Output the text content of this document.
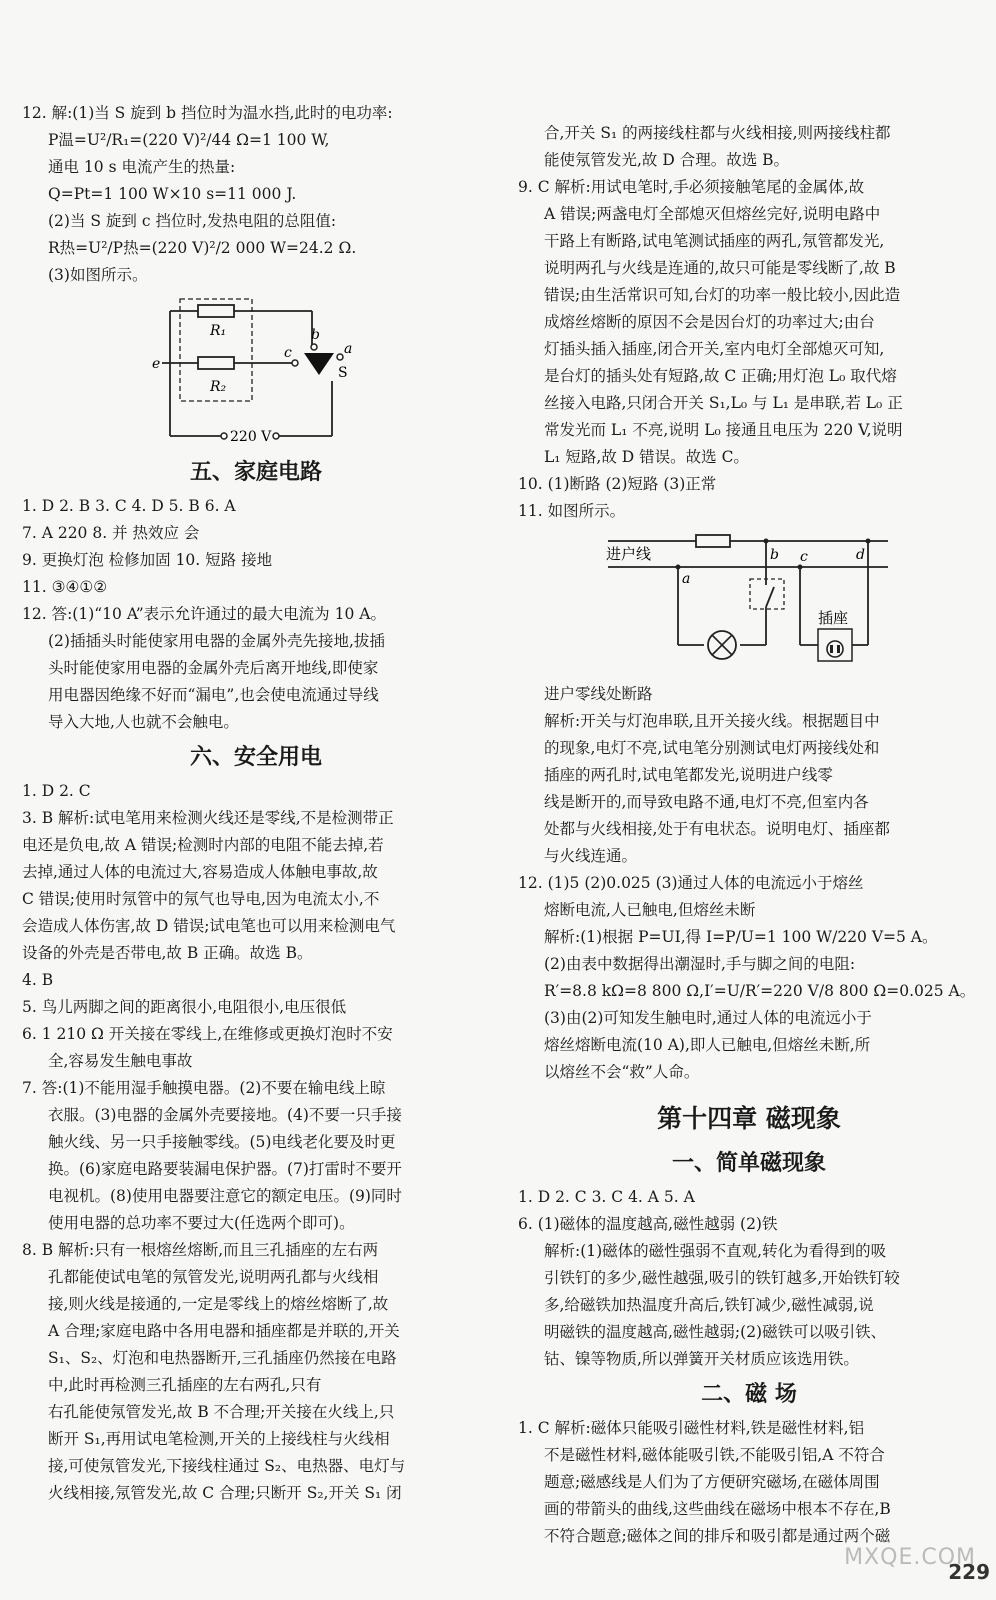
12. 解:(1)当 S 旋到 b 挡位时为温水挡,此时的电功率:
P温=U²/R₁=(220 V)²/44 Ω=1 100 W,
通电 10 s 电流产生的热量:
Q=Pt=1 100 W×10 s=11 000 J.
(2)当 S 旋到 c 挡位时,发热电阻的总阻值:
R热=U²/P热=(220 V)²/2 000 W=24.2 Ω.
(3)如图所示。
R₁
R₂
c
b
a
e
S
220 V
五、家庭电路
1. D 2. B 3. C 4. D 5. B 6. A
7. A 220 8. 并 热效应 会
9. 更换灯泡 检修加固 10. 短路 接地
11. ③④①②
12. 答:(1)“10 A”表示允许通过的最大电流为 10 A。
(2)插插头时能使家用电器的金属外壳先接地,拔插
头时能使家用电器的金属外壳后离开地线,即使家
用电器因绝缘不好而“漏电”,也会使电流通过导线
导入大地,人也就不会触电。
六、安全用电
1. D 2. C
3. B 解析:试电笔用来检测火线还是零线,不是检测带正
电还是负电,故 A 错误;检测时内部的电阻不能去掉,若
去掉,通过人体的电流过大,容易造成人体触电事故,故
C 错误;使用时氖管中的氖气也导电,因为电流太小,不
会造成人体伤害,故 D 错误;试电笔也可以用来检测电气
设备的外壳是否带电,故 B 正确。故选 B。
4. B
5. 鸟儿两脚之间的距离很小,电阻很小,电压很低
6. 1 210 Ω 开关接在零线上,在维修或更换灯泡时不安
全,容易发生触电事故
7. 答:(1)不能用湿手触摸电器。(2)不要在输电线上晾
衣服。(3)电器的金属外壳要接地。(4)不要一只手接
触火线、另一只手接触零线。(5)电线老化要及时更
换。(6)家庭电路要装漏电保护器。(7)打雷时不要开
电视机。(8)使用电器要注意它的额定电压。(9)同时
使用电器的总功率不要过大(任选两个即可)。
8. B 解析:只有一根熔丝熔断,而且三孔插座的左右两
孔都能使试电笔的氖管发光,说明两孔都与火线相
接,则火线是接通的,一定是零线上的熔丝熔断了,故
A 合理;家庭电路中各用电器和插座都是并联的,开关
S₁、S₂、灯泡和电热器断开,三孔插座仍然接在电路
中,此时再检测三孔插座的左右两孔,只有
右孔能使氖管发光,故 B 不合理;开关接在火线上,只
断开 S₁,再用试电笔检测,开关的上接线柱与火线相
接,可使氖管发光,下接线柱通过 S₂、电热器、电灯与
火线相接,氖管发光,故 C 合理;只断开 S₂,开关 S₁ 闭
合,开关 S₁ 的两接线柱都与火线相接,则两接线柱都
能使氖管发光,故 D 合理。故选 B。
9. C 解析:用试电笔时,手必须接触笔尾的金属体,故
A 错误;两盏电灯全部熄灭但熔丝完好,说明电路中
干路上有断路,试电笔测试插座的两孔,氖管都发光,
说明两孔与火线是连通的,故只可能是零线断了,故 B
错误;由生活常识可知,台灯的功率一般比较小,因此造
成熔丝熔断的原因不会是因台灯的功率过大;由台
灯插头插入插座,闭合开关,室内电灯全部熄灭可知,
是台灯的插头处有短路,故 C 正确;用灯泡 L₀ 取代熔
丝接入电路,只闭合开关 S₁,L₀ 与 L₁ 是串联,若 L₀ 正
常发光而 L₁ 不亮,说明 L₀ 接通且电压为 220 V,说明
L₁ 短路,故 D 错误。故选 C。
10. (1)断路 (2)短路 (3)正常
11. 如图所示。
进户线
a
b c	d
插座
进户零线处断路
解析:开关与灯泡串联,且开关接火线。根据题目中
的现象,电灯不亮,试电笔分别测试电灯两接线处和
插座的两孔时,试电笔都发光,说明进户线零
线是断开的,而导致电路不通,电灯不亮,但室内各
处都与火线相接,处于有电状态。说明电灯、插座都
与火线连通。
12. (1)5 (2)0.025 (3)通过人体的电流远小于熔丝
熔断电流,人已触电,但熔丝未断
解析:(1)根据 P=UI,得 I=P/U=1 100 W/220 V=5 A。
(2)由表中数据得出潮湿时,手与脚之间的电阻:
R′=8.8 kΩ=8 800 Ω,I′=U/R′=220 V/8 800 Ω=0.025 A。
(3)由(2)可知发生触电时,通过人体的电流远小于
熔丝熔断电流(10 A),即人已触电,但熔丝未断,所
以熔丝不会“救”人命。
第十四章 磁现象
一、简单磁现象
1. D 2. C 3. C 4. A 5. A
6. (1)磁体的温度越高,磁性越弱 (2)铁
解析:(1)磁体的磁性强弱不直观,转化为看得到的吸
引铁钉的多少,磁性越强,吸引的铁钉越多,开始铁钉较
多,给磁铁加热温度升高后,铁钉减少,磁性减弱,说
明磁铁的温度越高,磁性越弱;(2)磁铁可以吸引铁、
钴、镍等物质,所以弹簧开关材质应该选用铁。
二、磁 场
1. C 解析:磁体只能吸引磁性材料,铁是磁性材料,铝
不是磁性材料,磁体能吸引铁,不能吸引铝,A 不符合
题意;磁感线是人们为了方便研究磁场,在磁体周围
画的带箭头的曲线,这些曲线在磁场中根本不存在,B
不符合题意;磁体之间的排斥和吸引都是通过两个磁
MXQE.COM
229
